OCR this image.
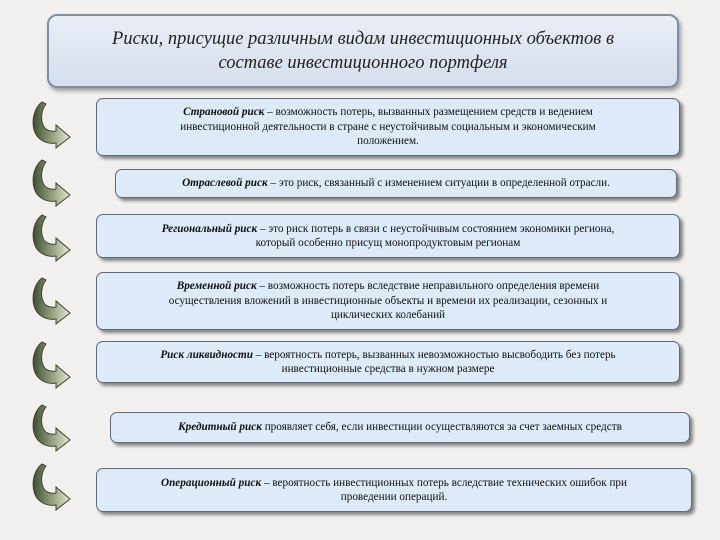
Риски, присущие различным видам инвестиционных объектов в
составе инвестиционного портфеля
Страновой риск – возможность потерь, вызванных размещением средств и ведением
инвестиционной деятельности в стране с неустойчивым социальным и экономическим
положением.
Отраслевой риск – это риск, связанный с изменением ситуации в определенной отрасли.
Региональный риск – это риск потерь в связи с неустойчивым состоянием экономики региона,
который особенно присущ монопродуктовым регионам
Временной риск – возможность потерь вследствие неправильного определения времени
осуществления вложений в инвестиционные объекты и времени их реализации, сезонных и
циклических колебаний
Риск ликвидности – вероятность потерь, вызванных невозможностью высвободить без потерь
инвестиционные средства в нужном размере
Кредитный риск проявляет себя, если инвестиции осуществляются за счет заемных средств
Операционный риск – вероятность инвестиционных потерь вследствие технических ошибок при
проведении операций.
